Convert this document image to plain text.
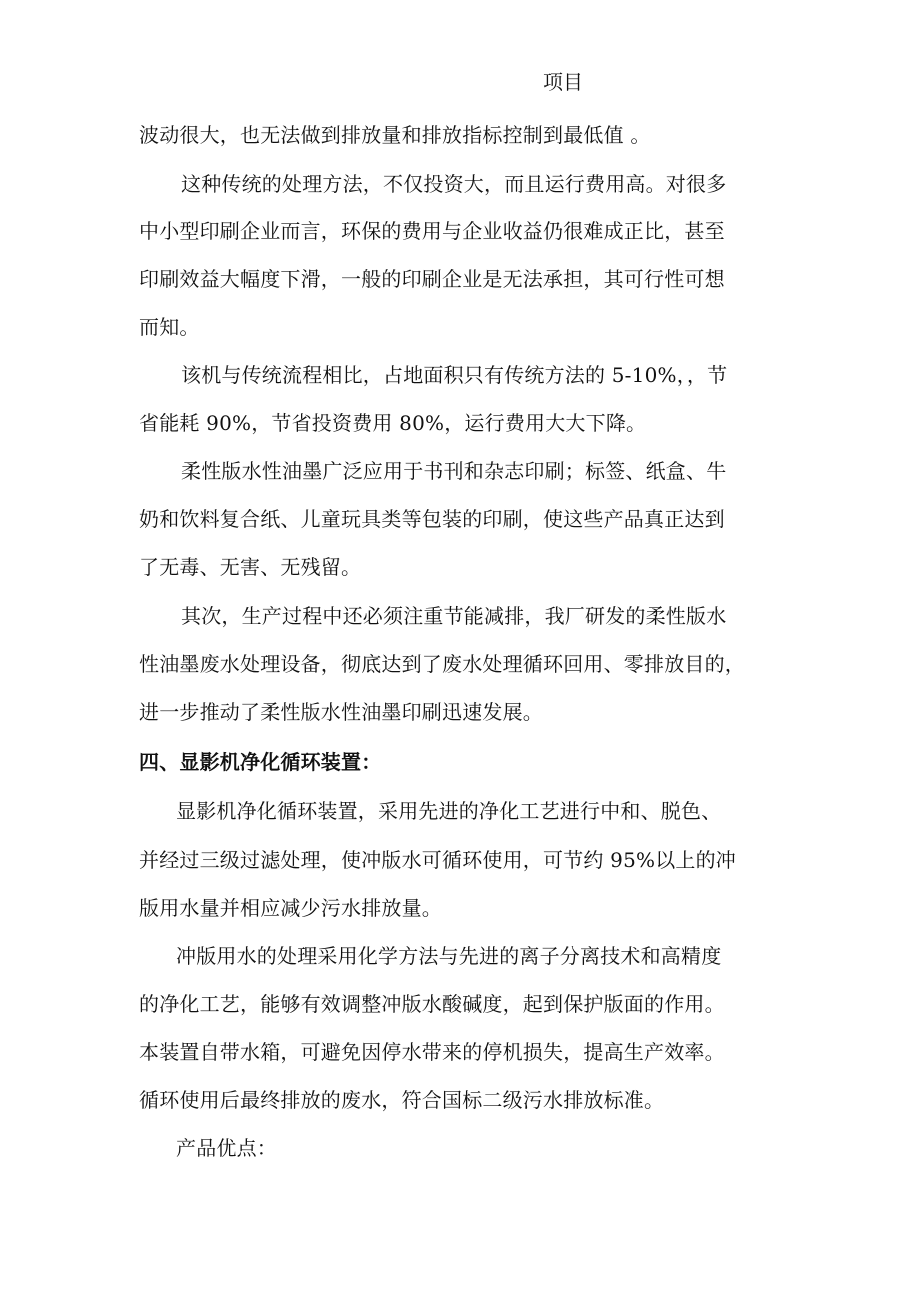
项目
波动很大，也无法做到排放量和排放指标控制到最低值 。
这种传统的处理方法，不仅投资大，而且运行费用高。对很多
中小型印刷企业而言，环保的费用与企业收益仍很难成正比，甚至
印刷效益大幅度下滑，一般的印刷企业是无法承担，其可行性可想
而知。
该机与传统流程相比，占地面积只有传统方法的 5-10%，，节
省能耗 90%，节省投资费用 80%，运行费用大大下降。
柔性版水性油墨广泛应用于书刊和杂志印刷；标签、纸盒、牛
奶和饮料复合纸、儿童玩具类等包装的印刷，使这些产品真正达到
了无毒、无害、无残留。
其次，生产过程中还必须注重节能减排，我厂研发的柔性版水
性油墨废水处理设备，彻底达到了废水处理循环回用、零排放目的，
进一步推动了柔性版水性油墨印刷迅速发展。
四、显影机净化循环装置：
显影机净化循环装置，采用先进的净化工艺进行中和、脱色、
并经过三级过滤处理，使冲版水可循环使用，可节约 95%以上的冲
版用水量并相应减少污水排放量。
冲版用水的处理采用化学方法与先进的离子分离技术和高精度
的净化工艺，能够有效调整冲版水酸碱度，起到保护版面的作用。
本装置自带水箱，可避免因停水带来的停机损失，提高生产效率。
循环使用后最终排放的废水，符合国标二级污水排放标准。
产品优点：
